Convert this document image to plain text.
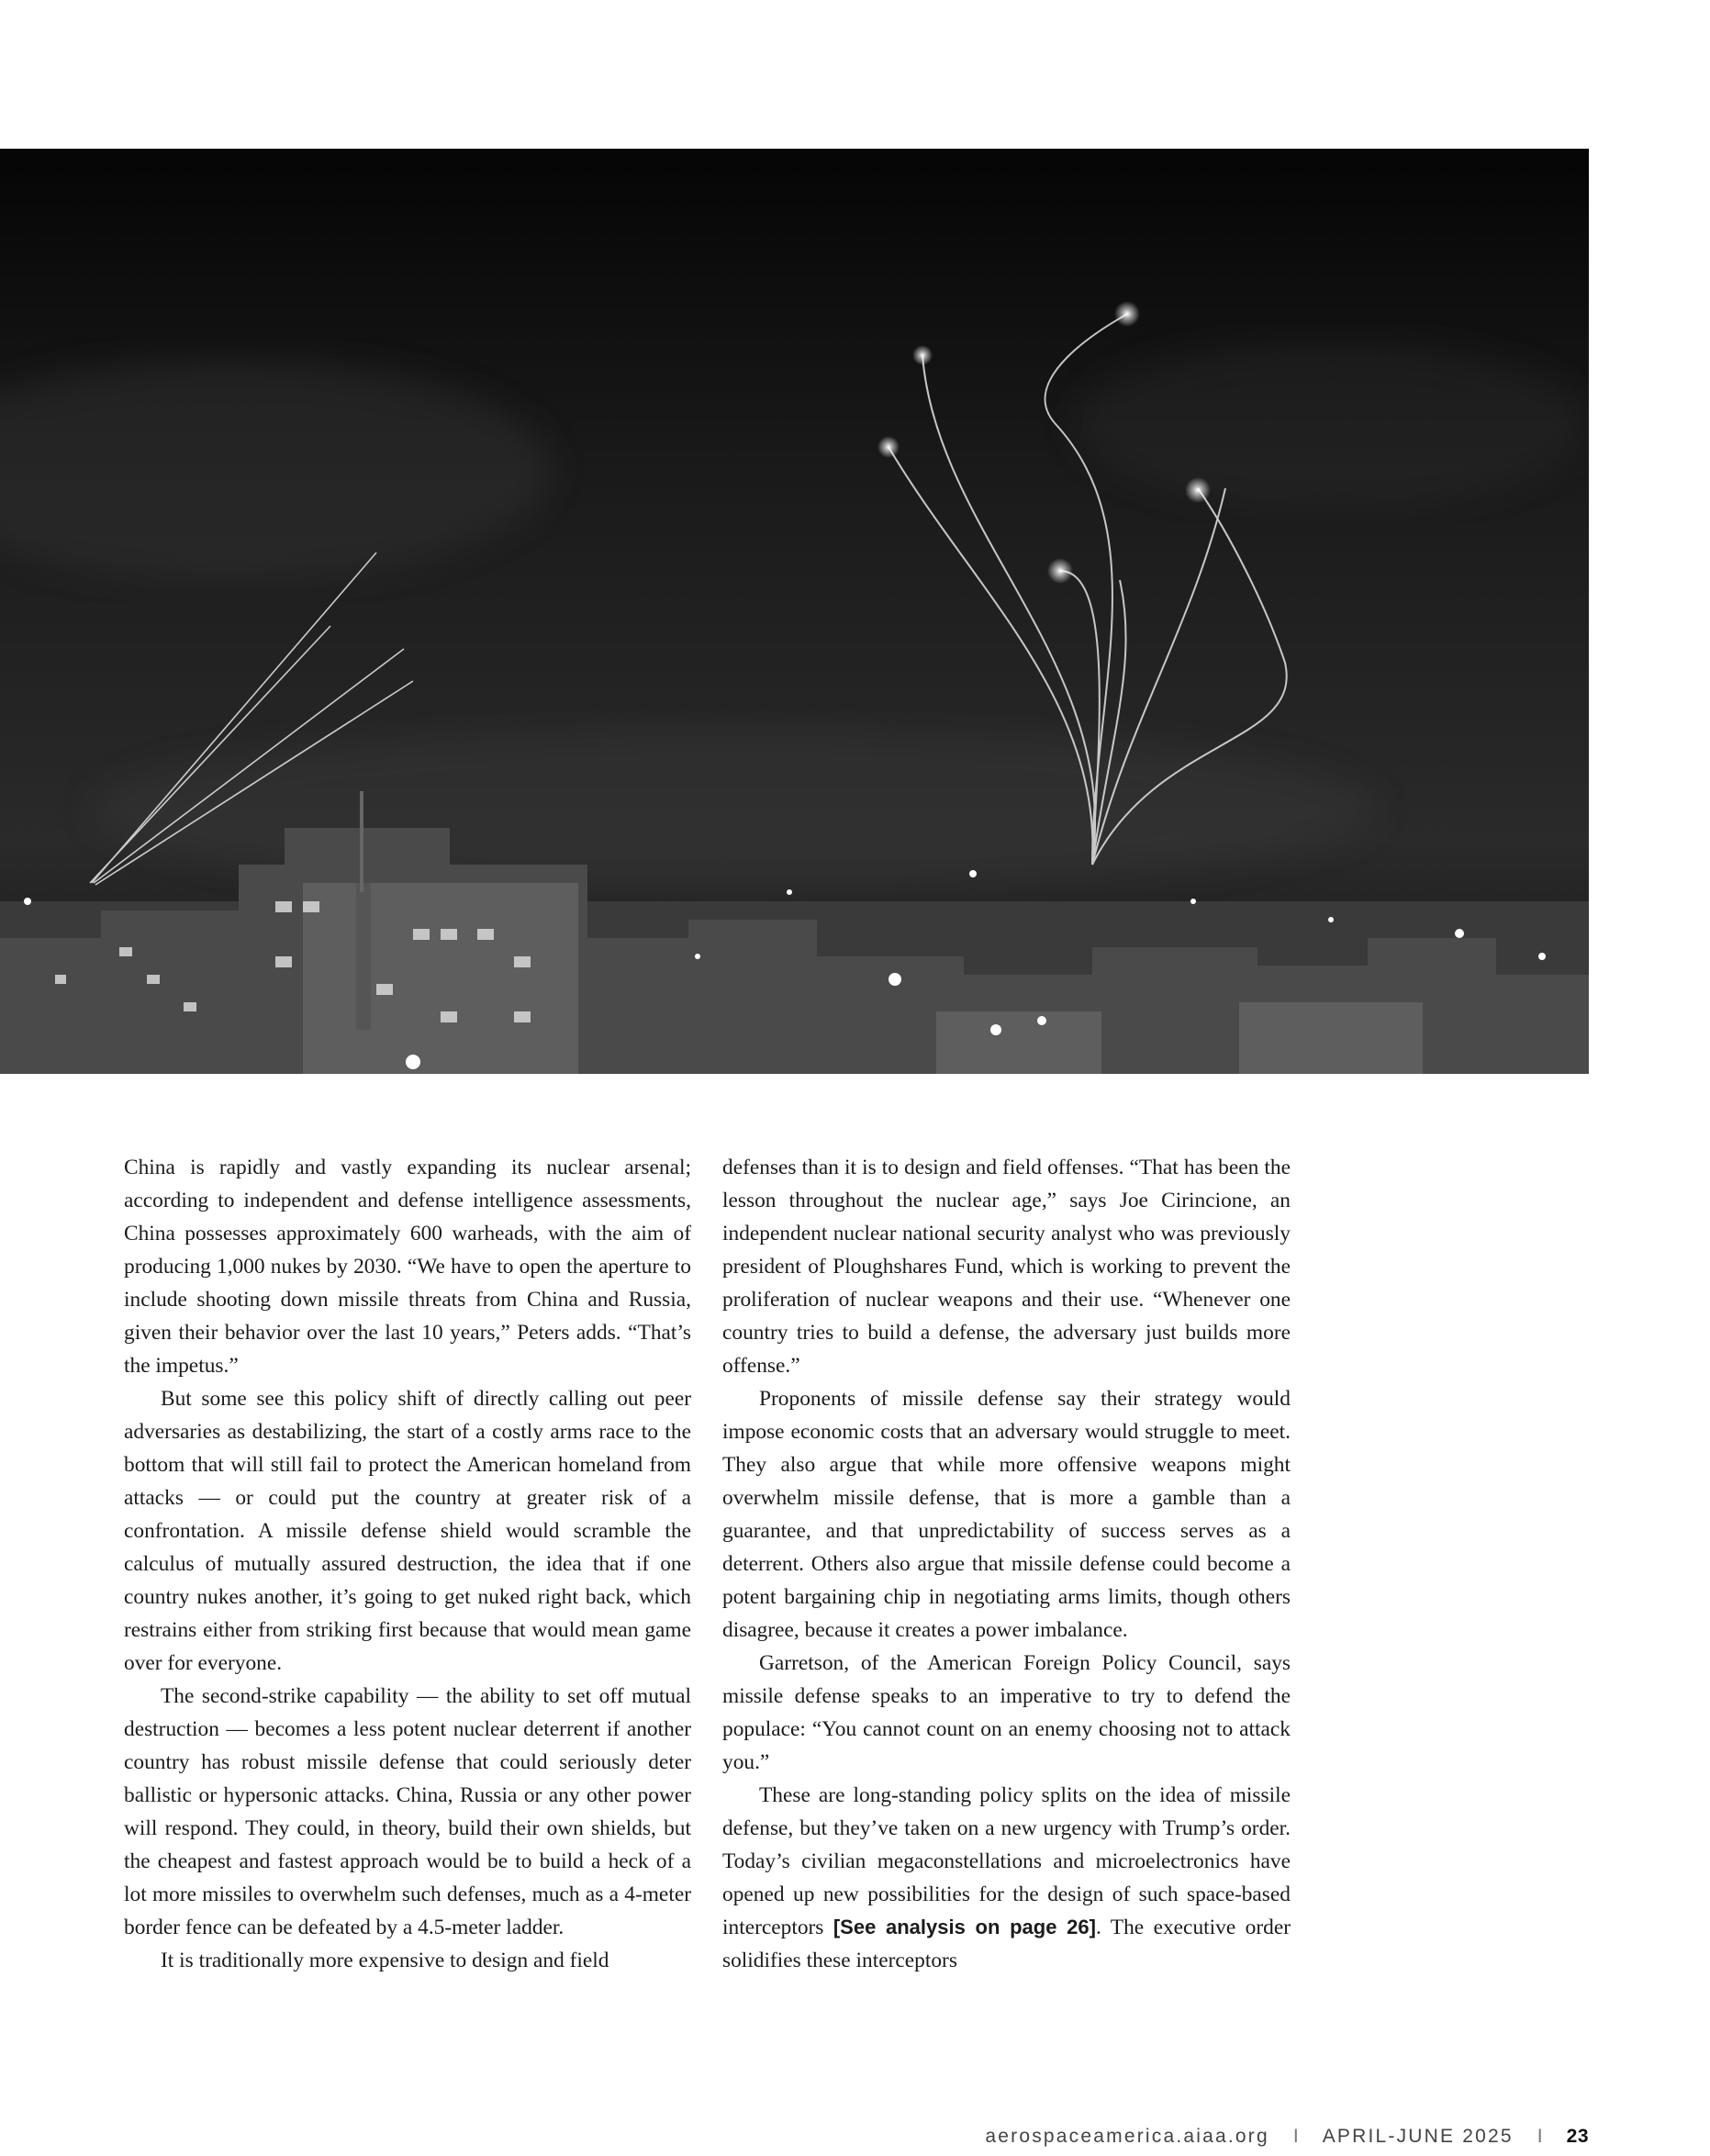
China is rapidly and vastly expanding its nuclear arsenal; according to independent and defense intelligence assessments, China possesses approximately 600 warheads, with the aim of producing 1,000 nukes by 2030. “We have to open the aperture to include shooting down missile threats from China and Russia, given their behavior over the last 10 years,” Peters adds. “That’s the impetus.”

But some see this policy shift of directly calling out peer adversaries as destabilizing, the start of a costly arms race to the bottom that will still fail to protect the American homeland from attacks — or could put the country at greater risk of a confrontation. A missile defense shield would scramble the calculus of mutually assured destruction, the idea that if one country nukes another, it’s going to get nuked right back, which restrains either from striking first because that would mean game over for everyone.

The second-strike capability — the ability to set off mutual destruction — becomes a less potent nuclear deterrent if another country has robust missile defense that could seriously deter ballistic or hypersonic attacks. China, Russia or any other power will respond. They could, in theory, build their own shields, but the cheapest and fastest approach would be to build a heck of a lot more missiles to overwhelm such defenses, much as a 4-meter border fence can be defeated by a 4.5-meter ladder.

It is traditionally more expensive to design and field

defenses than it is to design and field offenses. “That has been the lesson throughout the nuclear age,” says Joe Cirincione, an independent nuclear national security analyst who was previously president of Ploughshares Fund, which is working to prevent the proliferation of nuclear weapons and their use. “Whenever one country tries to build a defense, the adversary just builds more offense.”

Proponents of missile defense say their strategy would impose economic costs that an adversary would struggle to meet. They also argue that while more offensive weapons might overwhelm missile defense, that is more a gamble than a guarantee, and that unpredictability of success serves as a deterrent. Others also argue that missile defense could become a potent bargaining chip in negotiating arms limits, though others disagree, because it creates a power imbalance.

Garretson, of the American Foreign Policy Council, says missile defense speaks to an imperative to try to defend the populace: “You cannot count on an enemy choosing not to attack you.”

These are long-standing policy splits on the idea of missile defense, but they’ve taken on a new urgency with Trump’s order. Today’s civilian megaconstellations and microelectronics have opened up new possibilities for the design of such space-based interceptors [See analysis on page 26]. The executive order solidifies these interceptors

aerospaceamerica.aiaa.org I APRIL-JUNE 2025 I 23
